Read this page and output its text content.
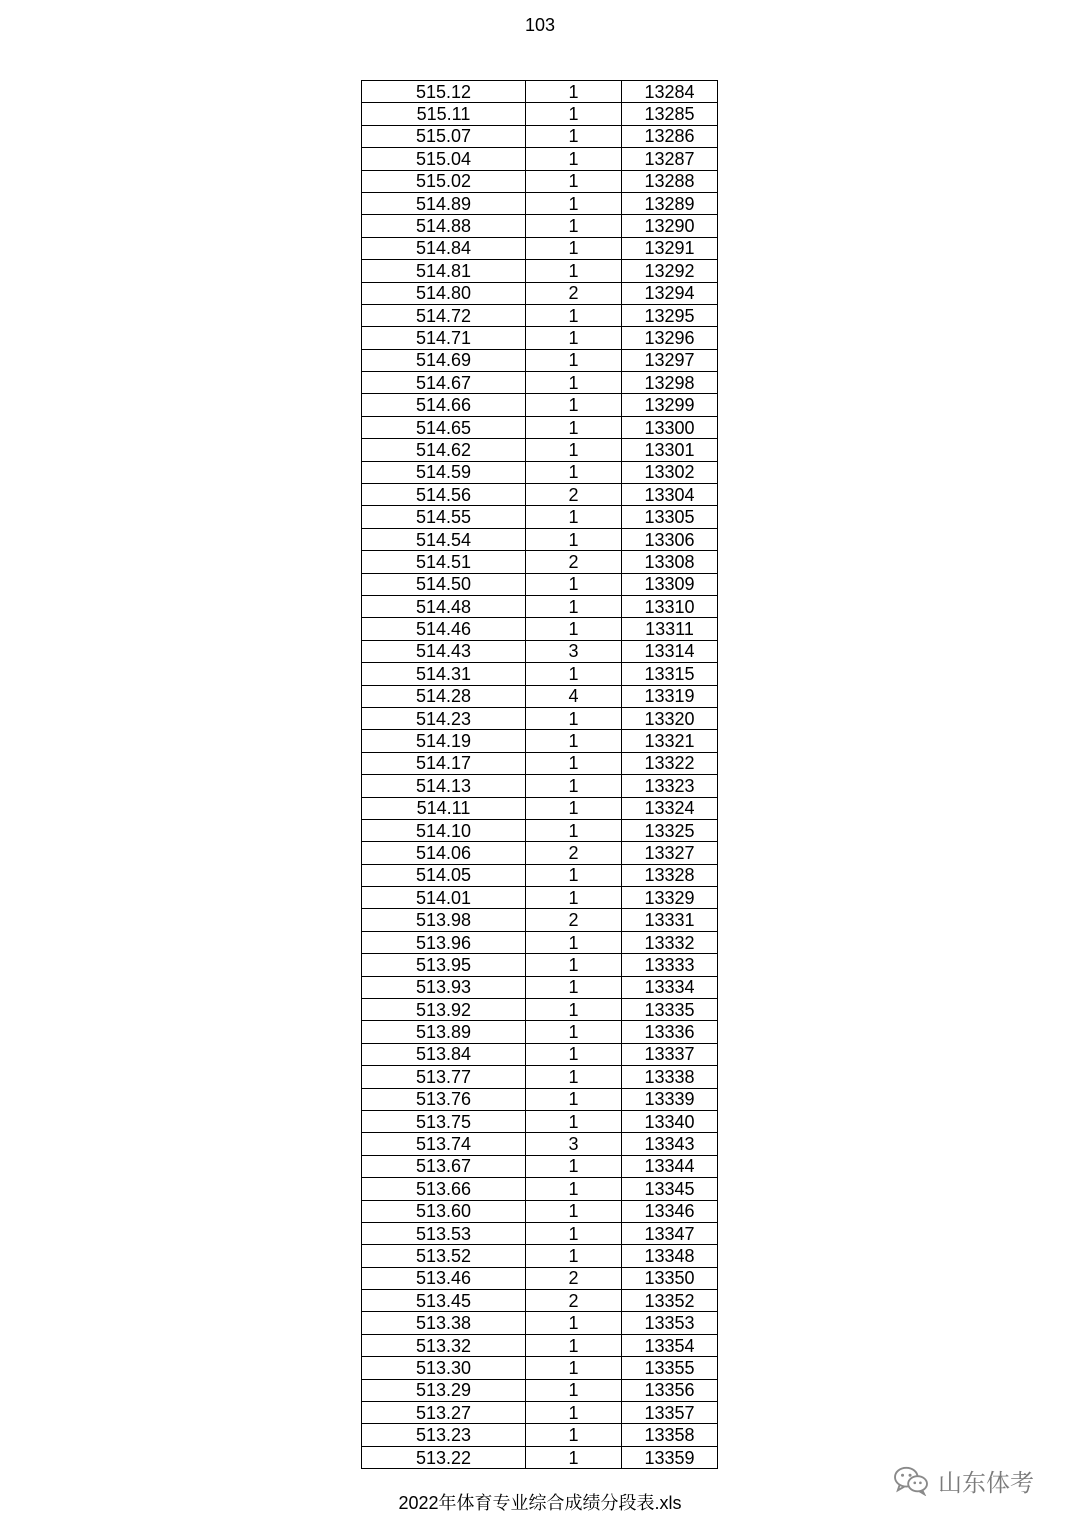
103
515.12	1	13284
515.11	1	13285
515.07	1	13286
515.04	1	13287
515.02	1	13288
514.89	1	13289
514.88	1	13290
514.84	1	13291
514.81	1	13292
514.80	2	13294
514.72	1	13295
514.71	1	13296
514.69	1	13297
514.67	1	13298
514.66	1	13299
514.65	1	13300
514.62	1	13301
514.59	1	13302
514.56	2	13304
514.55	1	13305
514.54	1	13306
514.51	2	13308
514.50	1	13309
514.48	1	13310
514.46	1	13311
514.43	3	13314
514.31	1	13315
514.28	4	13319
514.23	1	13320
514.19	1	13321
514.17	1	13322
514.13	1	13323
514.11	1	13324
514.10	1	13325
514.06	2	13327
514.05	1	13328
514.01	1	13329
513.98	2	13331
513.96	1	13332
513.95	1	13333
513.93	1	13334
513.92	1	13335
513.89	1	13336
513.84	1	13337
513.77	1	13338
513.76	1	13339
513.75	1	13340
513.74	3	13343
513.67	1	13344
513.66	1	13345
513.60	1	13346
513.53	1	13347
513.52	1	13348
513.46	2	13350
513.45	2	13352
513.38	1	13353
513.32	1	13354
513.30	1	13355
513.29	1	13356
513.27	1	13357
513.23	1	13358
513.22	1	13359
2022年体育专业综合成绩分段表.xls
山东体考
